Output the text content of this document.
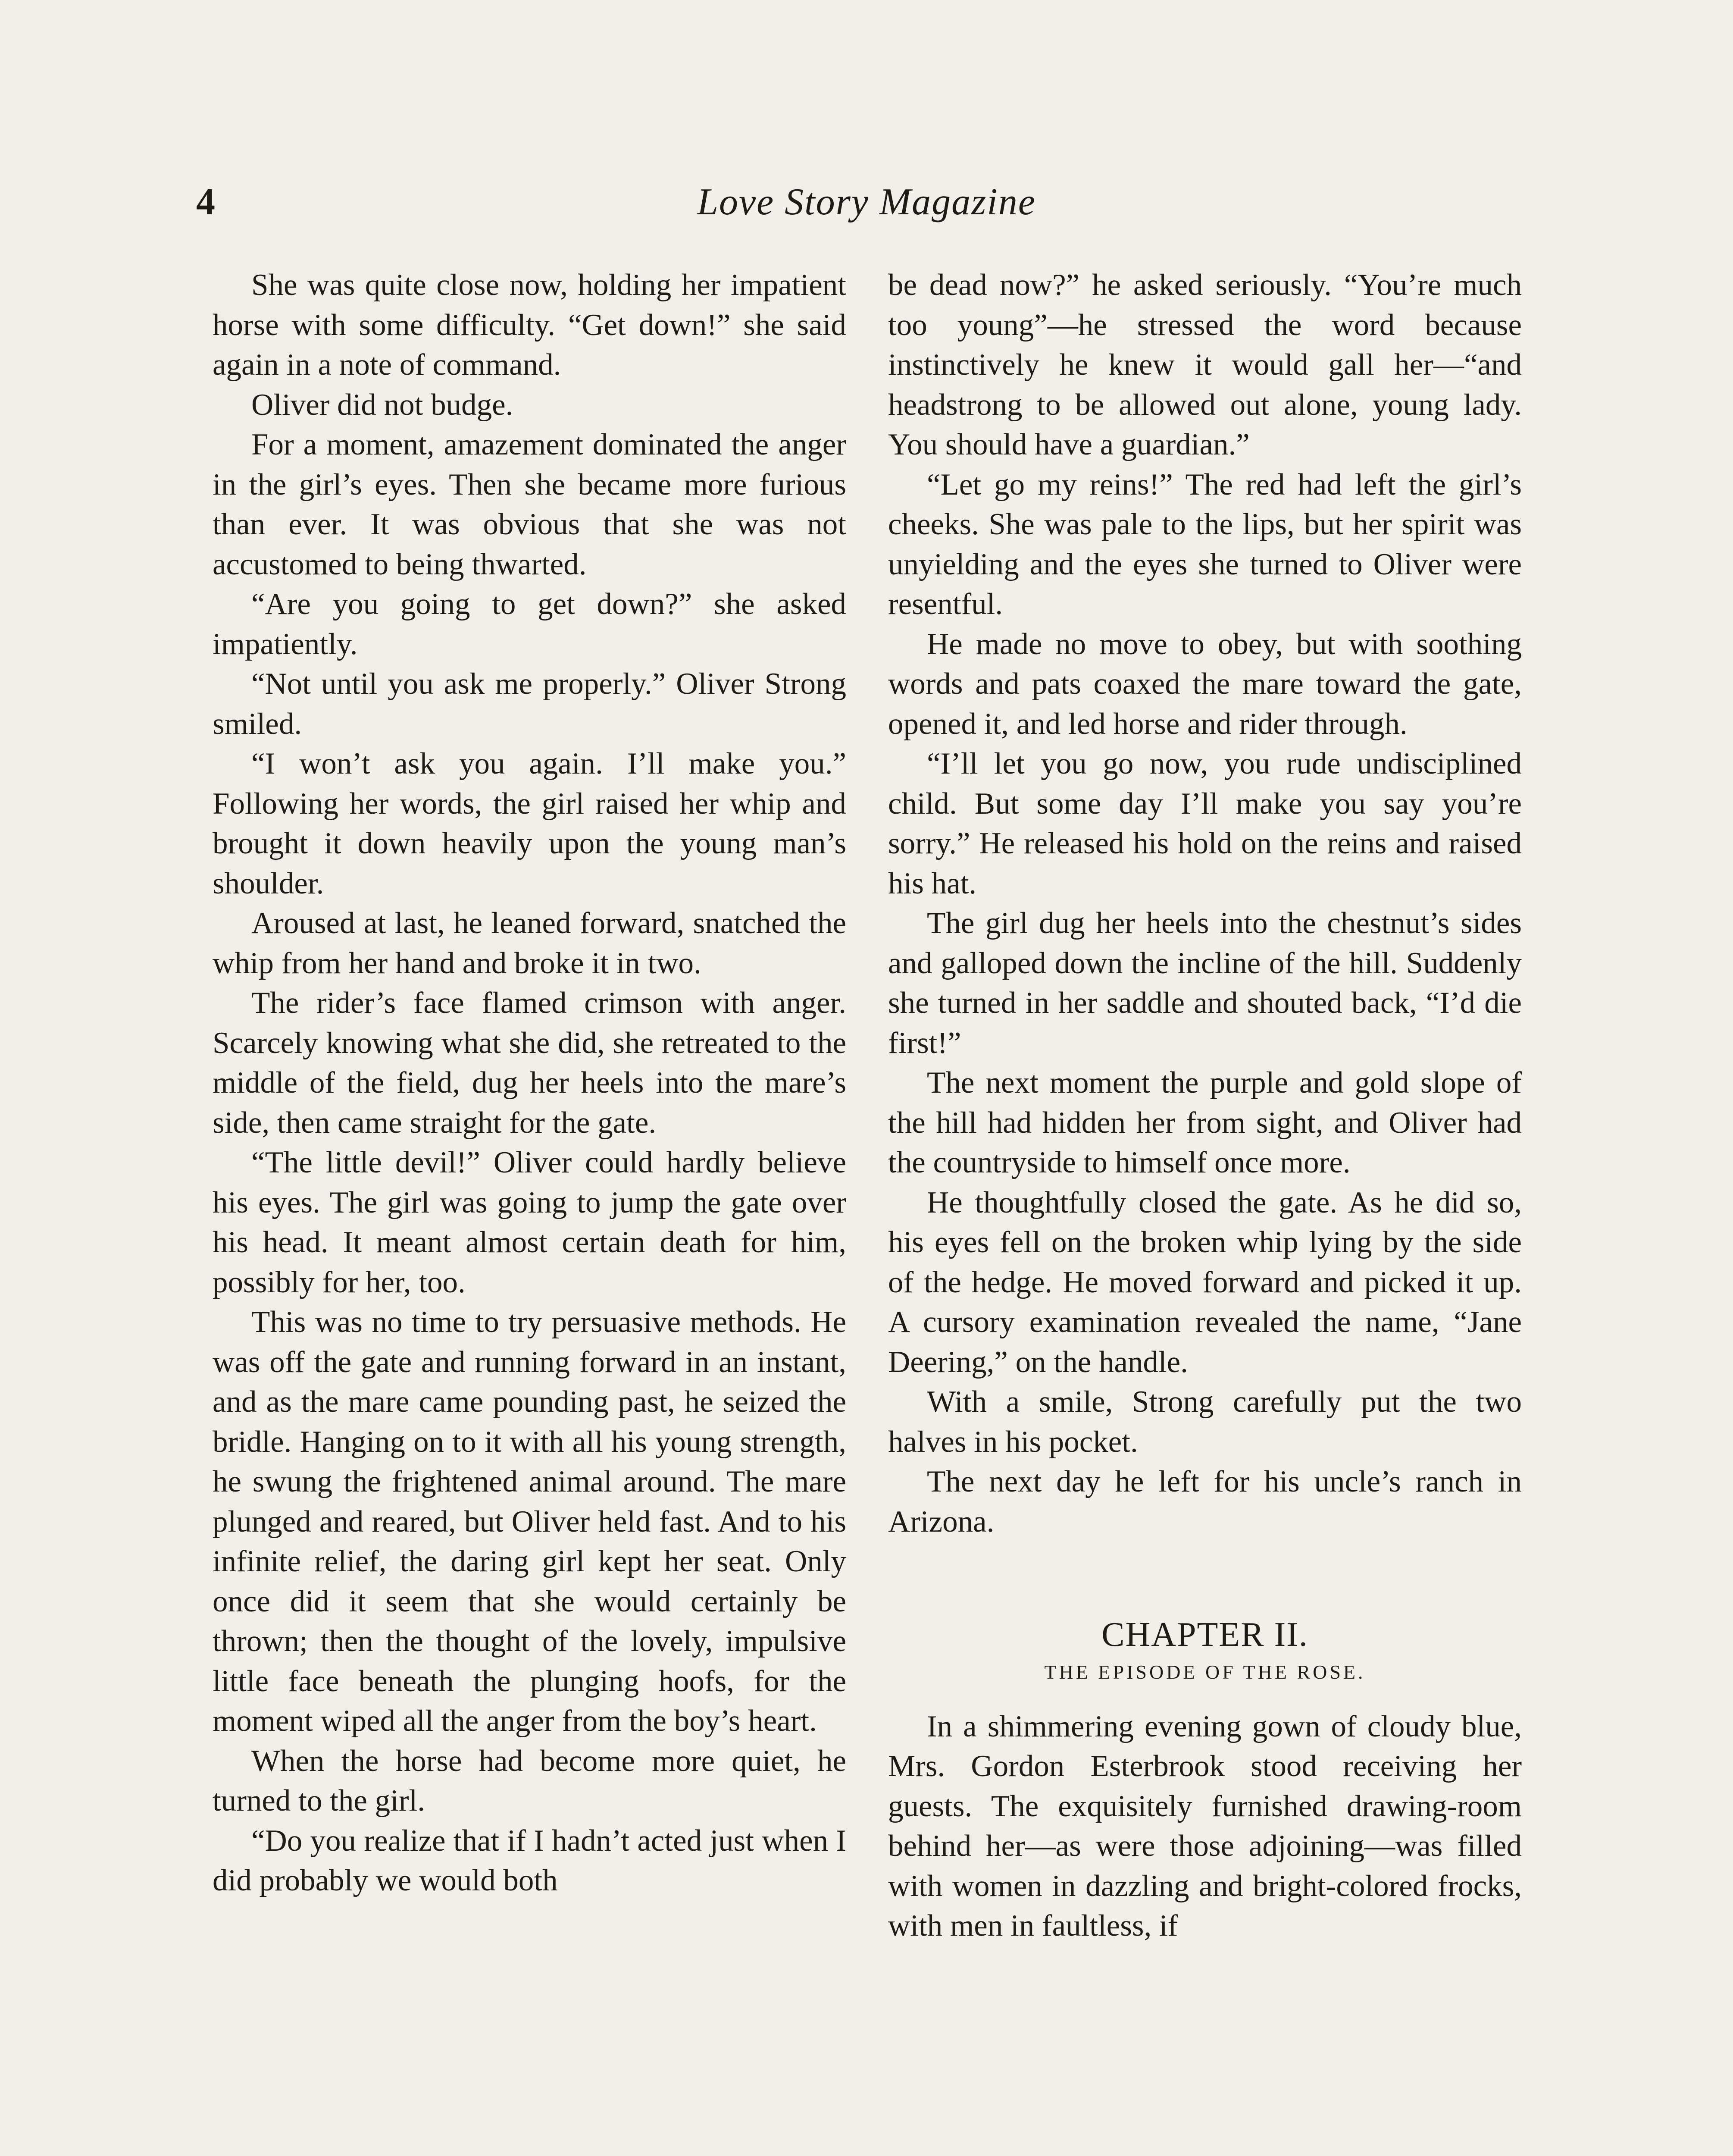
4	Love Story Magazine

She was quite close now, holding her impatient horse with some difficulty. “Get down!” she said again in a note of command.

Oliver did not budge.

For a moment, amazement dominated the anger in the girl’s eyes. Then she became more furious than ever. It was obvious that she was not accustomed to being thwarted.

“Are you going to get down?” she asked impatiently.

“Not until you ask me properly.” Oliver Strong smiled.

“I won’t ask you again. I’ll make you.” Following her words, the girl raised her whip and brought it down heavily upon the young man’s shoulder.

Aroused at last, he leaned forward, snatched the whip from her hand and broke it in two.

The rider’s face flamed crimson with anger. Scarcely knowing what she did, she retreated to the middle of the field, dug her heels into the mare’s side, then came straight for the gate.

“The little devil!” Oliver could hardly believe his eyes. The girl was going to jump the gate over his head. It meant almost certain death for him, possibly for her, too.

This was no time to try persuasive methods. He was off the gate and running forward in an instant, and as the mare came pounding past, he seized the bridle. Hanging on to it with all his young strength, he swung the frightened animal around. The mare plunged and reared, but Oliver held fast. And to his infinite relief, the daring girl kept her seat. Only once did it seem that she would certainly be thrown; then the thought of the lovely, impulsive little face beneath the plunging hoofs, for the moment wiped all the anger from the boy’s heart.

When the horse had become more quiet, he turned to the girl.

“Do you realize that if I hadn’t acted just when I did probably we would both

be dead now?” he asked seriously. “You’re much too young”—he stressed the word because instinctively he knew it would gall her—“and headstrong to be allowed out alone, young lady. You should have a guardian.”

“Let go my reins!” The red had left the girl’s cheeks. She was pale to the lips, but her spirit was unyielding and the eyes she turned to Oliver were resentful.

He made no move to obey, but with soothing words and pats coaxed the mare toward the gate, opened it, and led horse and rider through.

“I’ll let you go now, you rude undisciplined child. But some day I’ll make you say you’re sorry.” He released his hold on the reins and raised his hat.

The girl dug her heels into the chestnut’s sides and galloped down the incline of the hill. Suddenly she turned in her saddle and shouted back, “I’d die first!”

The next moment the purple and gold slope of the hill had hidden her from sight, and Oliver had the countryside to himself once more.

He thoughtfully closed the gate. As he did so, his eyes fell on the broken whip lying by the side of the hedge. He moved forward and picked it up. A cursory examination revealed the name, “Jane Deering,” on the handle.

With a smile, Strong carefully put the two halves in his pocket.

The next day he left for his uncle’s ranch in Arizona.

CHAPTER II.
THE EPISODE OF THE ROSE.

In a shimmering evening gown of cloudy blue, Mrs. Gordon Esterbrook stood receiving her guests. The exquisitely furnished drawing-room behind her—as were those adjoining—was filled with women in dazzling and bright-colored frocks, with men in faultless, if
